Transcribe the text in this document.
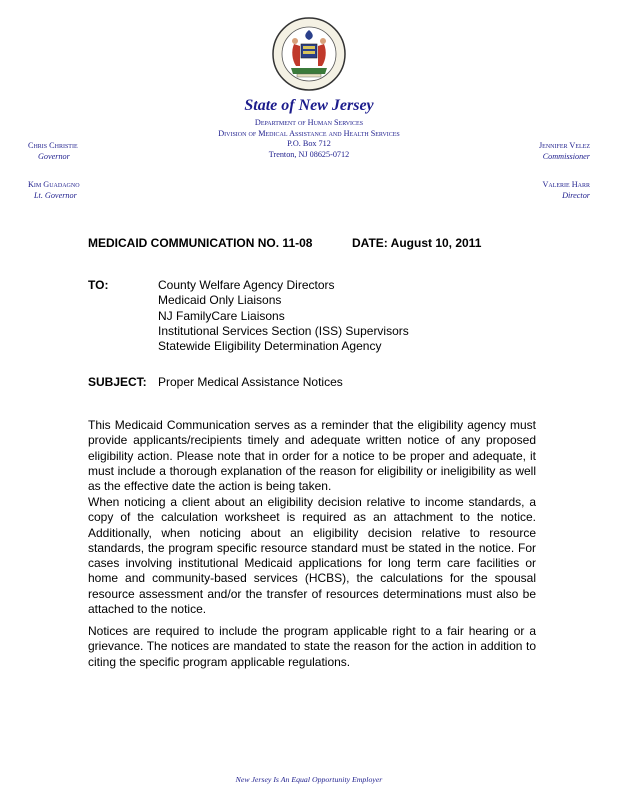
State of New Jersey
Department of Human Services
Division of Medical Assistance and Health Services
P.O. Box 712
Trenton, NJ 08625-0712
Chris Christie
Governor
Jennifer Velez
Commissioner
Kim Guadagno
Lt. Governor
Valerie Harr
Director
MEDICAID COMMUNICATION NO. 11-08	DATE: August 10, 2011
TO:	County Welfare Agency Directors
Medicaid Only Liaisons
NJ FamilyCare Liaisons
Institutional Services Section (ISS) Supervisors
Statewide Eligibility Determination Agency
SUBJECT: Proper Medical Assistance Notices
This Medicaid Communication serves as a reminder that the eligibility agency must provide applicants/recipients timely and adequate written notice of any proposed eligibility action. Please note that in order for a notice to be proper and adequate, it must include a thorough explanation of the reason for eligibility or ineligibility as well as the effective date the action is being taken.
When noticing a client about an eligibility decision relative to income standards, a copy of the calculation worksheet is required as an attachment to the notice. Additionally, when noticing about an eligibility decision relative to resource standards, the program specific resource standard must be stated in the notice. For cases involving institutional Medicaid applications for long term care facilities or home and community-based services (HCBS), the calculations for the spousal resource assessment and/or the transfer of resources determinations must also be attached to the notice.
Notices are required to include the program applicable right to a fair hearing or a grievance. The notices are mandated to state the reason for the action in addition to citing the specific program applicable regulations.
New Jersey Is An Equal Opportunity Employer
